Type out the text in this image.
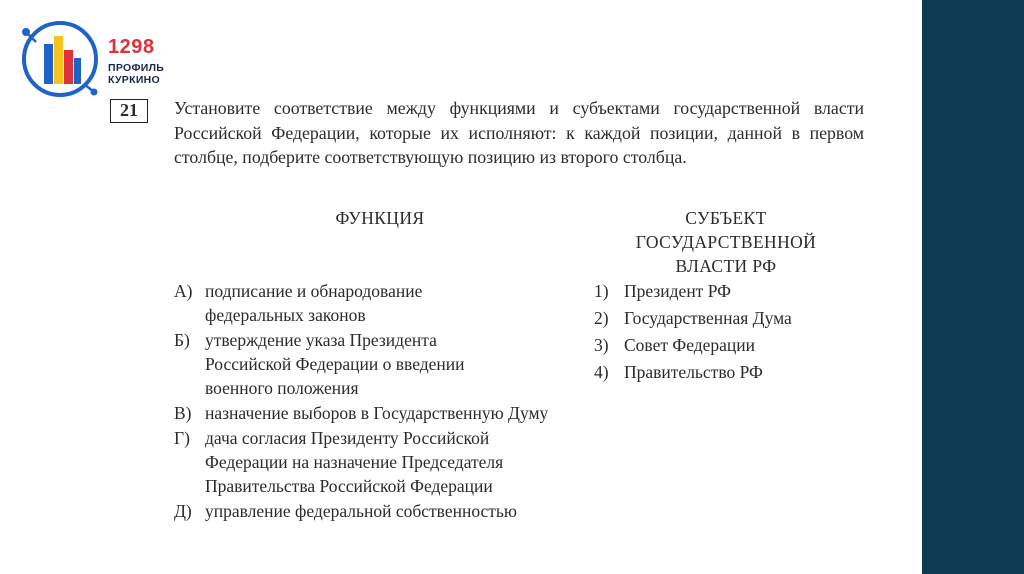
1298
ПРОФИЛЬ
КУРКИНО
21	Установите соответствие между функциями и субъектами государственной власти Российской Федерации, которые их исполняют: к каждой позиции, данной в первом столбце, подберите соответствующую позицию из второго столбца.
ФУНКЦИЯ	СУБЪЕКТ
ГОСУДАРСТВЕННОЙ
ВЛАСТИ РФ
А) подписание и обнародование федеральных законов
Б) утверждение указа Президента Российской Федерации о введении военного положения
В) назначение выборов в Государственную Думу
Г) дача согласия Президенту Российской Федерации на назначение Председателя Правительства Российской Федерации
Д) управление федеральной собственностью
1) Президент РФ
2) Государственная Дума
3) Совет Федерации
4) Правительство РФ
